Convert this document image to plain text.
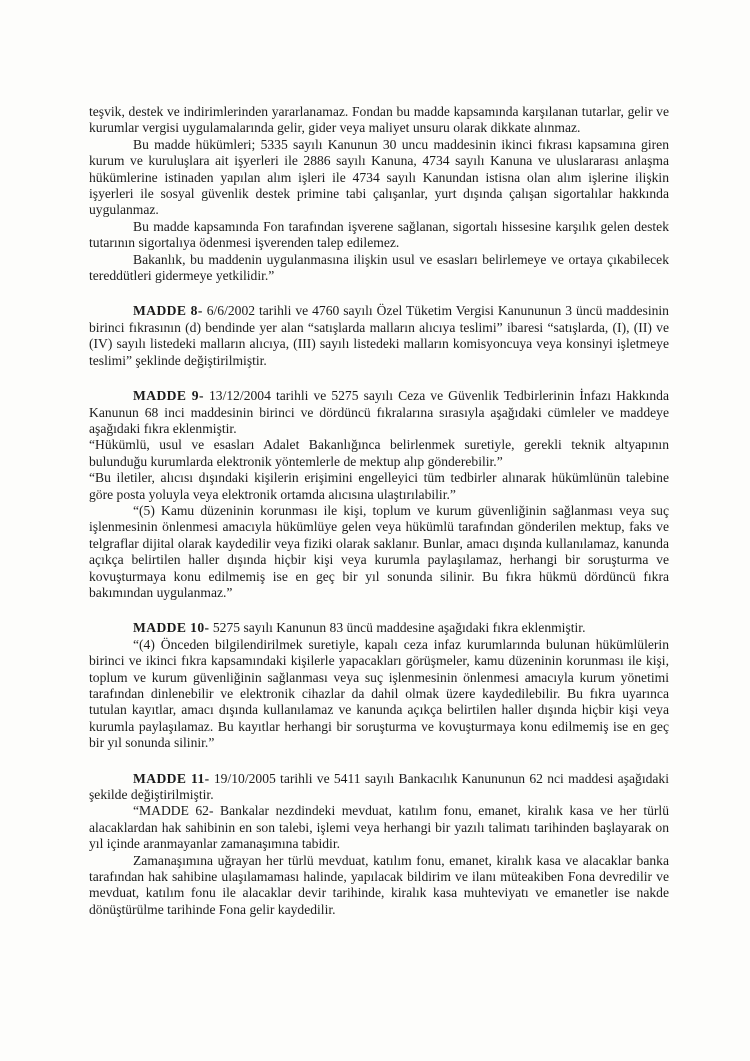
teşvik, destek ve indirimlerinden yararlanamaz. Fondan bu madde kapsamında karşılanan tutarlar, gelir ve kurumlar vergisi uygulamalarında gelir, gider veya maliyet unsuru olarak dikkate alınmaz.

Bu madde hükümleri; 5335 sayılı Kanunun 30 uncu maddesinin ikinci fıkrası kapsamına giren kurum ve kuruluşlara ait işyerleri ile 2886 sayılı Kanuna, 4734 sayılı Kanuna ve uluslararası anlaşma hükümlerine istinaden yapılan alım işleri ile 4734 sayılı Kanundan istisna olan alım işlerine ilişkin işyerleri ile sosyal güvenlik destek primine tabi çalışanlar, yurt dışında çalışan sigortalılar hakkında uygulanmaz.

Bu madde kapsamında Fon tarafından işverene sağlanan, sigortalı hissesine karşılık gelen destek tutarının sigortalıya ödenmesi işverenden talep edilemez.

Bakanlık, bu maddenin uygulanmasına ilişkin usul ve esasları belirlemeye ve ortaya çıkabilecek tereddütleri gidermeye yetkilidir.”

MADDE 8- 6/6/2002 tarihli ve 4760 sayılı Özel Tüketim Vergisi Kanununun 3 üncü maddesinin birinci fıkrasının (d) bendinde yer alan “satışlarda malların alıcıya teslimi” ibaresi “satışlarda, (I), (II) ve (IV) sayılı listedeki malların alıcıya, (III) sayılı listedeki malların komisyoncuya veya konsinyi işletmeye teslimi” şeklinde değiştirilmiştir.

MADDE 9- 13/12/2004 tarihli ve 5275 sayılı Ceza ve Güvenlik Tedbirlerinin İnfazı Hakkında Kanunun 68 inci maddesinin birinci ve dördüncü fıkralarına sırasıyla aşağıdaki cümleler ve maddeye aşağıdaki fıkra eklenmiştir.

“Hükümlü, usul ve esasları Adalet Bakanlığınca belirlenmek suretiyle, gerekli teknik altyapının bulunduğu kurumlarda elektronik yöntemlerle de mektup alıp gönderebilir.”

“Bu iletiler, alıcısı dışındaki kişilerin erişimini engelleyici tüm tedbirler alınarak hükümlünün talebine göre posta yoluyla veya elektronik ortamda alıcısına ulaştırılabilir.”

“(5) Kamu düzeninin korunması ile kişi, toplum ve kurum güvenliğinin sağlanması veya suç işlenmesinin önlenmesi amacıyla hükümlüye gelen veya hükümlü tarafından gönderilen mektup, faks ve telgraflar dijital olarak kaydedilir veya fiziki olarak saklanır. Bunlar, amacı dışında kullanılamaz, kanunda açıkça belirtilen haller dışında hiçbir kişi veya kurumla paylaşılamaz, herhangi bir soruşturma ve kovuşturmaya konu edilmemiş ise en geç bir yıl sonunda silinir. Bu fıkra hükmü dördüncü fıkra bakımından uygulanmaz.”

MADDE 10- 5275 sayılı Kanunun 83 üncü maddesine aşağıdaki fıkra eklenmiştir.

“(4) Önceden bilgilendirilmek suretiyle, kapalı ceza infaz kurumlarında bulunan hükümlülerin birinci ve ikinci fıkra kapsamındaki kişilerle yapacakları görüşmeler, kamu düzeninin korunması ile kişi, toplum ve kurum güvenliğinin sağlanması veya suç işlenmesinin önlenmesi amacıyla kurum yönetimi tarafından dinlenebilir ve elektronik cihazlar da dahil olmak üzere kaydedilebilir. Bu fıkra uyarınca tutulan kayıtlar, amacı dışında kullanılamaz ve kanunda açıkça belirtilen haller dışında hiçbir kişi veya kurumla paylaşılamaz. Bu kayıtlar herhangi bir soruşturma ve kovuşturmaya konu edilmemiş ise en geç bir yıl sonunda silinir.”

MADDE 11- 19/10/2005 tarihli ve 5411 sayılı Bankacılık Kanununun 62 nci maddesi aşağıdaki şekilde değiştirilmiştir.

“MADDE 62- Bankalar nezdindeki mevduat, katılım fonu, emanet, kiralık kasa ve her türlü alacaklardan hak sahibinin en son talebi, işlemi veya herhangi bir yazılı talimatı tarihinden başlayarak on yıl içinde aranmayanlar zamanaşımına tabidir.

Zamanaşımına uğrayan her türlü mevduat, katılım fonu, emanet, kiralık kasa ve alacaklar banka tarafından hak sahibine ulaşılamaması halinde, yapılacak bildirim ve ilanı müteakiben Fona devredilir ve mevduat, katılım fonu ile alacaklar devir tarihinde, kiralık kasa muhteviyatı ve emanetler ise nakde dönüştürülme tarihinde Fona gelir kaydedilir.
